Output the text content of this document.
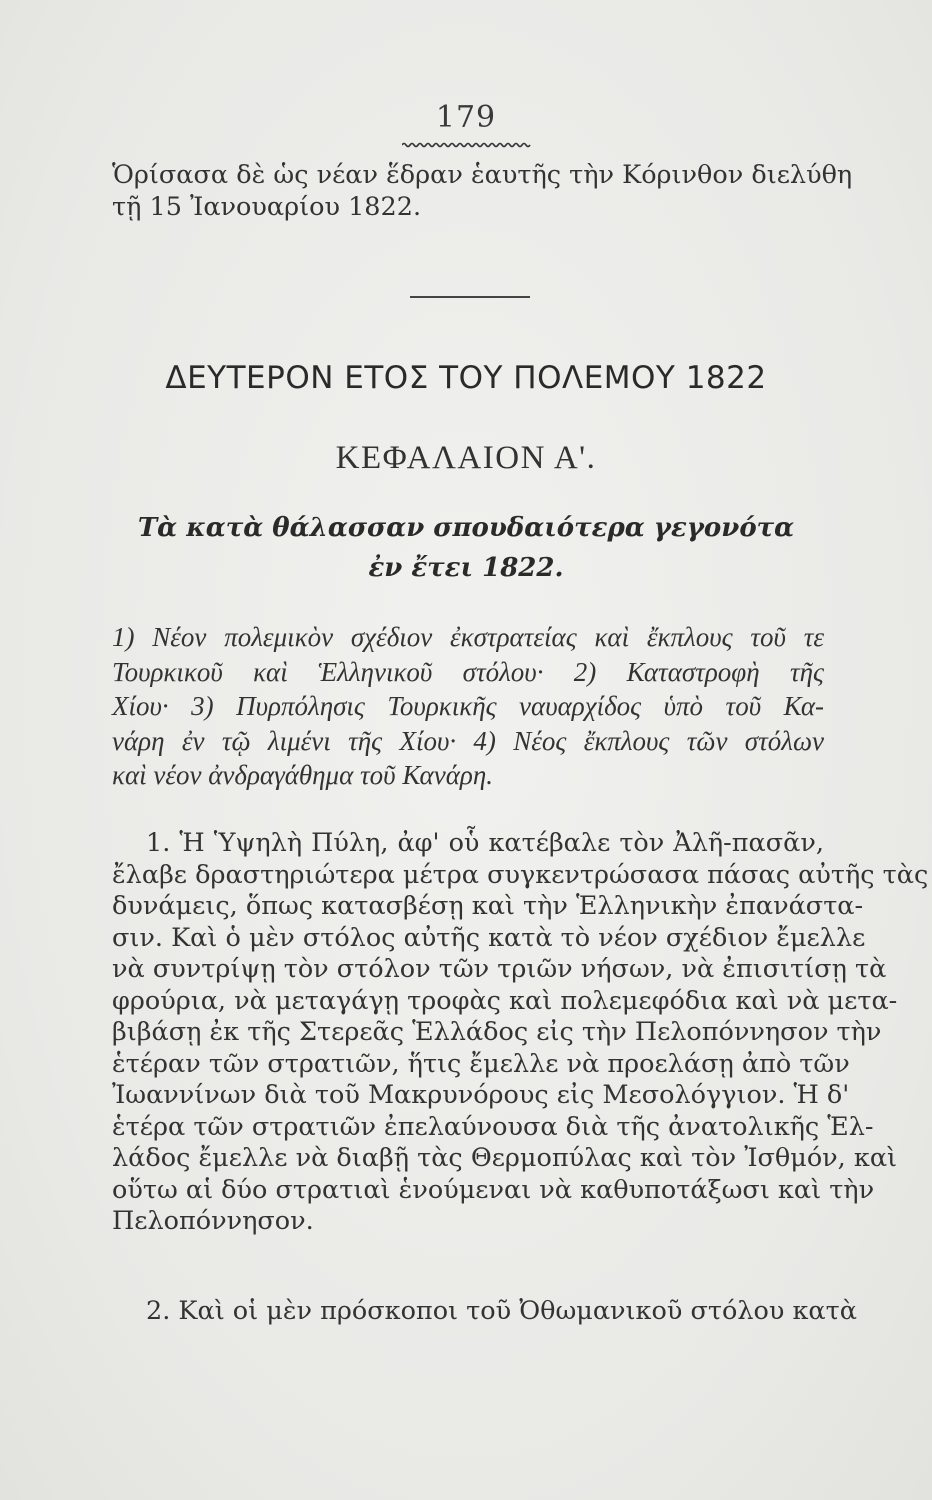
179
Ὁρίσασα δὲ ὡς νέαν ἕδραν ἑαυτῆς τὴν Κόρινθον διελύθη
τῇ 15 Ἰανουαρίου 1822.
ΔΕΥΤΕΡΟΝ ΕΤΟΣ ΤΟΥ ΠΟΛΕΜΟΥ 1822
ΚΕΦΑΛΑΙΟΝ Α'.
Τὰ κατὰ θάλασσαν σπουδαιότερα γεγονότα
ἐν ἔτει 1822.
1) Νέον πολεμικὸν σχέδιον ἐκστρατείας καὶ ἔκπλους τοῦ τε
Τουρκικοῦ καὶ Ἑλληνικοῦ στόλου· 2) Καταστροφὴ τῆς
Χίου· 3) Πυρπόλησις Τουρκικῆς ναυαρχίδος ὑπὸ τοῦ Κα-
νάρη ἐν τῷ λιμένι τῆς Χίου· 4) Νέος ἔκπλους τῶν στόλων
καὶ νέον ἀνδραγάθημα τοῦ Κανάρη.
1. Ἡ Ὑψηλὴ Πύλη, ἀφ' οὗ κατέβαλε τὸν Ἀλῆ-πασᾶν,
ἔλαβε δραστηριώτερα μέτρα συγκεντρώσασα πάσας αὐτῆς τὰς
δυνάμεις, ὅπως κατασβέσῃ καὶ τὴν Ἑλληνικὴν ἐπανάστα-
σιν. Καὶ ὁ μὲν στόλος αὐτῆς κατὰ τὸ νέον σχέδιον ἔμελλε
νὰ συντρίψῃ τὸν στόλον τῶν τριῶν νήσων, νὰ ἐπισιτίσῃ τὰ
φρούρια, νὰ μεταγάγῃ τροφὰς καὶ πολεμεφόδια καὶ νὰ μετα-
βιβάσῃ ἐκ τῆς Στερεᾶς Ἑλλάδος εἰς τὴν Πελοπόννησον τὴν
ἑτέραν τῶν στρατιῶν, ἥτις ἔμελλε νὰ προελάσῃ ἀπὸ τῶν
Ἰωαννίνων διὰ τοῦ Μακρυνόρους εἰς Μεσολόγγιον. Ἡ δ'
ἑτέρα τῶν στρατιῶν ἐπελαύνουσα διὰ τῆς ἀνατολικῆς Ἑλ-
λάδος ἔμελλε νὰ διαβῇ τὰς Θερμοπύλας καὶ τὸν Ἰσθμόν, καὶ
οὕτω αἱ δύο στρατιαὶ ἑνούμεναι νὰ καθυποτάξωσι καὶ τὴν
Πελοπόννησον.
2. Καὶ οἱ μὲν πρόσκοποι τοῦ Ὀθωμανικοῦ στόλου κατὰ
